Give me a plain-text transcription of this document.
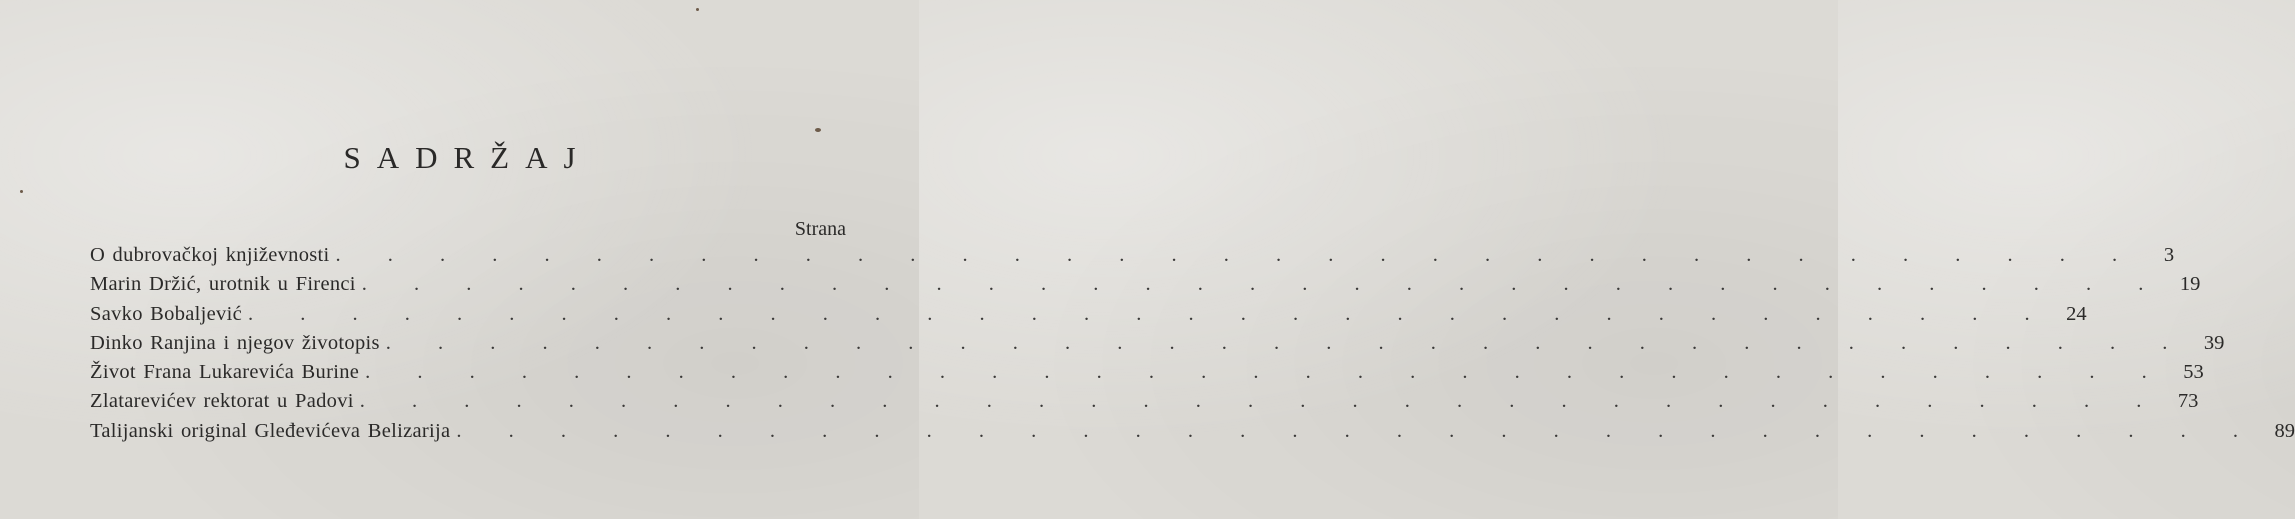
SADRŽAJ
Strana
O dubrovačkoj književnosti . . . . . . . . . . . . . . . . . . . . . . . . . . . . . . . . . . .	3
Marin Držić, urotnik u Firenci . . . . . . . . . . . . . . . . . . . . . . . . . . . . . . . . . . . 19
Savko Bobaljević . . . . . . . . . . . . . . . . . . . . . . . . . . . . . . . . . . . 24
Dinko Ranjina i njegov životopis . . . . . . . . . . . . . . . . . . . . . . . . . . . . . . . . . . . 39
Život Frana Lukarevića Burine . . . . . . . . . . . . . . . . . . . . . . . . . . . . . . . . . . . 53
Zlatarevićev rektorat u Padovi . . . . . . . . . . . . . . . . . . . . . . . . . . . . . . . . . . . 73
Talijanski original Gleđevićeva Belizarija . . . . . . . . . . . . . . . . . . . . . . . . . . . . . . . . . . . 89
